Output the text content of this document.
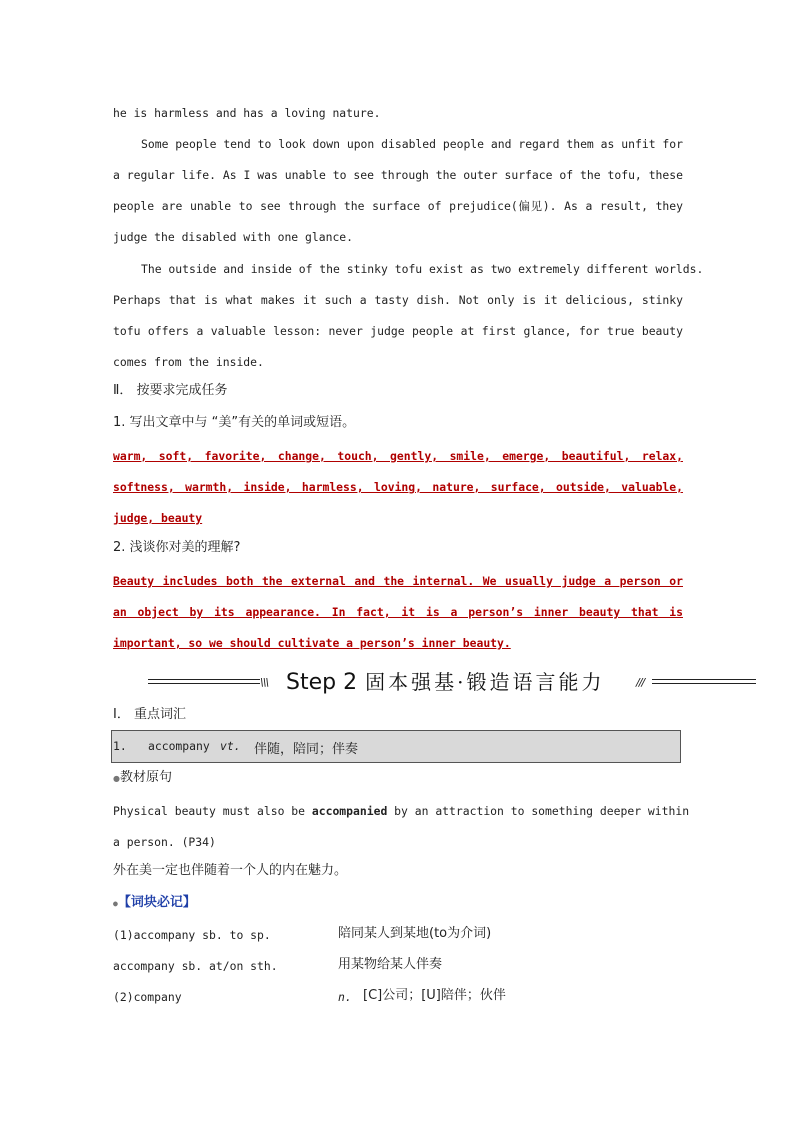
he is harmless and has a loving nature.
Some people tend to look down upon disabled people and regard them as unfit for
a regular life. As I was unable to see through the outer surface of the tofu, these
people are unable to see through the surface of prejudice(偏见). As a result, they
judge the disabled with one glance.
The outside and inside of the stinky tofu exist as two extremely different worlds.
Perhaps that is what makes it such a tasty dish. Not only is it delicious, stinky
tofu offers a valuable lesson: never judge people at first glance, for true beauty
comes from the inside.
Ⅱ． 按要求完成任务
1. 写出文章中与 “美”有关的单词或短语。
warm, soft, favorite, change, touch, gently, smile, emerge, beautiful, relax,
softness, warmth, inside, harmless, loving, nature, surface, outside, valuable,
judge, beauty
2. 浅谈你对美的理解?
Beauty includes both the external and the internal. We usually judge a person or
an object by its appearance. In fact, it is a person’s inner beauty that is
important, so we should cultivate a person’s inner beauty.
\\\ Step 2 固本强基·锻造语言能力	///
Ⅰ． 重点词汇
1. accompany vt. 伴随，陪同；伴奏
●教材原句
Physical beauty must also be accompanied by an attraction to something deeper within
a person. (P34)
外在美一定也伴随着一个人的内在魅力。
●【词块必记】
(1)accompany sb. to sp.	陪同某人到某地(to为介词)
accompany sb. at/on sth.	用某物给某人伴奏
(2)company	n. [C]公司；[U]陪伴；伙伴
